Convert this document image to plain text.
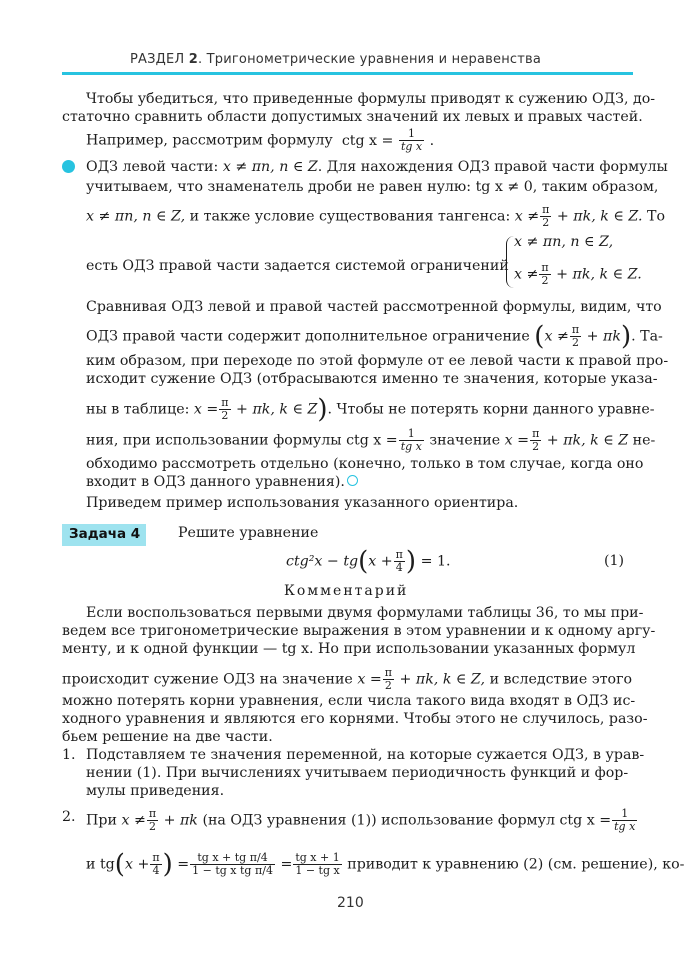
РАЗДЕЛ 2. Тригонометрические уравнения и неравенства
Чтобы убедиться, что приведенные формулы приводят к сужению ОДЗ, до-
статочно сравнить области допустимых значений их левых и правых частей.
Например, рассмотрим формулу ctg $x = \frac{1}{\text{tg x}}$ .
ОДЗ левой части: x ≠ πn, n ∈ Z. Для нахождения ОДЗ правой части формулы
учитываем, что знаменатель дроби не равен нулю: tg x ≠ 0, таким образом,
x ≠ πn, n ∈ Z, и также условие существования тангенса: $x \ne \frac{\pi}{2} + \pi k$, k ∈ Z. То
есть ОДЗ правой части задается системой ограничений
x ≠ πn, n ∈ Z,
$x \ne \frac{\pi}{2} + \pi k$, k ∈ Z.
Сравнивая ОДЗ левой и правой частей рассмотренной формулы, видим, что
ОДЗ правой части содержит дополнительное ограничение $(x \ne \frac{\pi}{2} + \pi k)$. Та-
ким образом, при переходе по этой формуле от ее левой части к правой про-
исходит сужение ОДЗ (отбрасываются именно те значения, которые указа-
ны в таблице: $x = \frac{\pi}{2} + \pi k$, k ∈ Z). Чтобы не потерять корни данного уравне-
ния, при использовании формулы ctg $x = \frac{1}{\text{tg x}}$ значение $x = \frac{\pi}{2} + \pi k$, k ∈ Z не-
обходимо рассмотреть отдельно (конечно, только в том случае, когда оно
входит в ОДЗ данного уравнения).
Приведем пример использования указанного ориентира.
Задача 4	Решите уравнение
$ctg^2x - tg(x + \frac{\pi}{4}$ ) = 1.	(1)
Комментарий
Если воспользоваться первыми двумя формулами таблицы 36, то мы при-
ведем все тригонометрические выражения в этом уравнении и к одному аргу-
менту, и к одной функции — tg x. Но при использовании указанных формул
происходит сужение ОДЗ на значение $x = \frac{\pi}{2} + \pi k$, k ∈ Z, и вследствие этого
можно потерять корни уравнения, если числа такого вида входят в ОДЗ ис-
ходного уравнения и являются его корнями. Чтобы этого не случилось, разо-
бьем решение на две части.
1. Подставляем те значения переменной, на которые сужается ОДЗ, в урав-
нении (1). При вычислениях учитываем периодичность функций и фор-
мулы приведения.
2. При $x \ne \frac{\pi}{2} + \pi k$ (на ОДЗ уравнения (1)) использование формул ctg $x = \frac{1}{\text{tg x}}$
и $tg(x + \frac{\pi}{4}$ ) = $\frac{\text{tg x + tg π/4}}{\text{1 − tg x tg π/4}} = \frac{\text{tg x + 1}}{\text{1 − tg x}}$ приводит к уравнению (2) (см. решение), ко-
210
